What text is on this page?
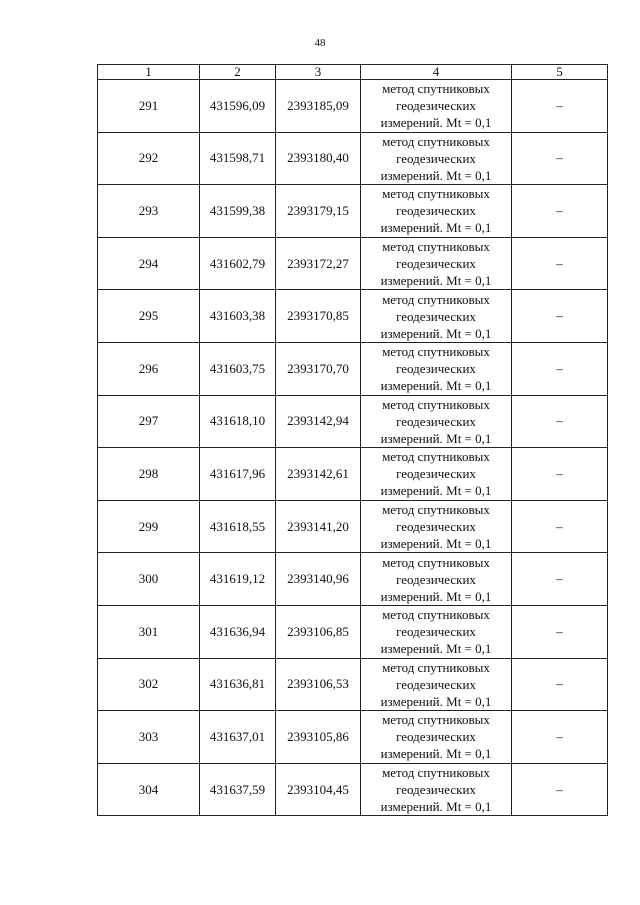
48
1	2	3	4	5
291	431596,09	2393185,09	метод спутниковых
геодезических
измерений. Mt = 0,1	–
292	431598,71	2393180,40	метод спутниковых
геодезических
измерений. Mt = 0,1	–
293	431599,38	2393179,15	метод спутниковых
геодезических
измерений. Mt = 0,1	–
294	431602,79	2393172,27	метод спутниковых
геодезических
измерений. Mt = 0,1	–
295	431603,38	2393170,85	метод спутниковых
геодезических
измерений. Mt = 0,1	–
296	431603,75	2393170,70	метод спутниковых
геодезических
измерений. Mt = 0,1	–
297	431618,10	2393142,94	метод спутниковых
геодезических
измерений. Mt = 0,1	–
298	431617,96	2393142,61	метод спутниковых
геодезических
измерений. Mt = 0,1	–
299	431618,55	2393141,20	метод спутниковых
геодезических
измерений. Mt = 0,1	–
300	431619,12	2393140,96	метод спутниковых
геодезических
измерений. Mt = 0,1	–
301	431636,94	2393106,85	метод спутниковых
геодезических
измерений. Mt = 0,1	–
302	431636,81	2393106,53	метод спутниковых
геодезических
измерений. Mt = 0,1	–
303	431637,01	2393105,86	метод спутниковых
геодезических
измерений. Mt = 0,1	–
304	431637,59	2393104,45	метод спутниковых
геодезических
измерений. Mt = 0,1	–
